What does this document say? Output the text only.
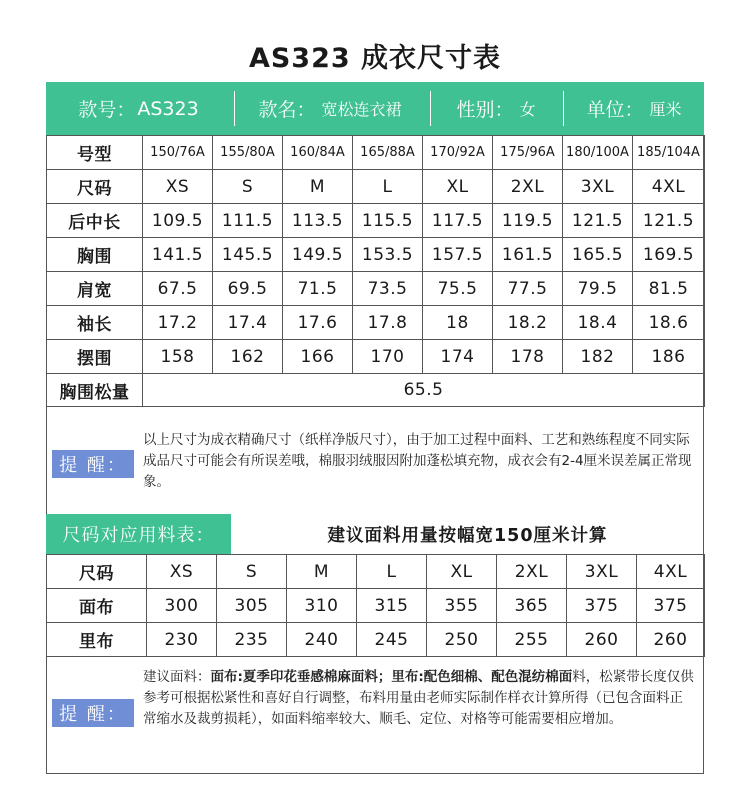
AS323 成衣尺寸表
款号： AS323	款名： 宽松连衣裙	性别： 女	单位： 厘米
号型	150/76A	155/80A	160/84A	165/88A	170/92A	175/96A	180/100A	185/104A
尺码	XS	S	M	L	XL	2XL	3XL	4XL
后中长	109.5	111.5	113.5	115.5	117.5	119.5	121.5	121.5
胸围	141.5	145.5	149.5	153.5	157.5	161.5	165.5	169.5
肩宽	67.5	69.5	71.5	73.5	75.5	77.5	79.5	81.5
袖长	17.2	17.4	17.6	17.8	18	18.2	18.4	18.6
摆围	158	162	166	170	174	178	182	186
胸围松量	65.5							
提 醒：
以上尺寸为成衣精确尺寸（纸样净版尺寸），由于加工过程中面料、工艺和熟练程度不同实际成品尺寸可能会有所误差哦，棉服羽绒服因附加蓬松填充物，成衣会有2-4厘米误差属正常现象。
尺码对应用料表：	建议面料用量按幅宽150厘米计算
尺码	XS	S	M	L	XL	2XL	3XL	4XL
面布	300	305	310	315	355	365	375	375
里布	230	235	240	245	250	255	260	260
提 醒：
建议面料：面布:夏季印花垂感棉麻面料；里布:配色细棉、配色混纺棉面料，松紧带长度仅供参考可根据松紧性和喜好自行调整，布料用量由老师实际制作样衣计算所得（已包含面料正常缩水及裁剪损耗），如面料缩率较大、顺毛、定位、对格等可能需要相应增加。
